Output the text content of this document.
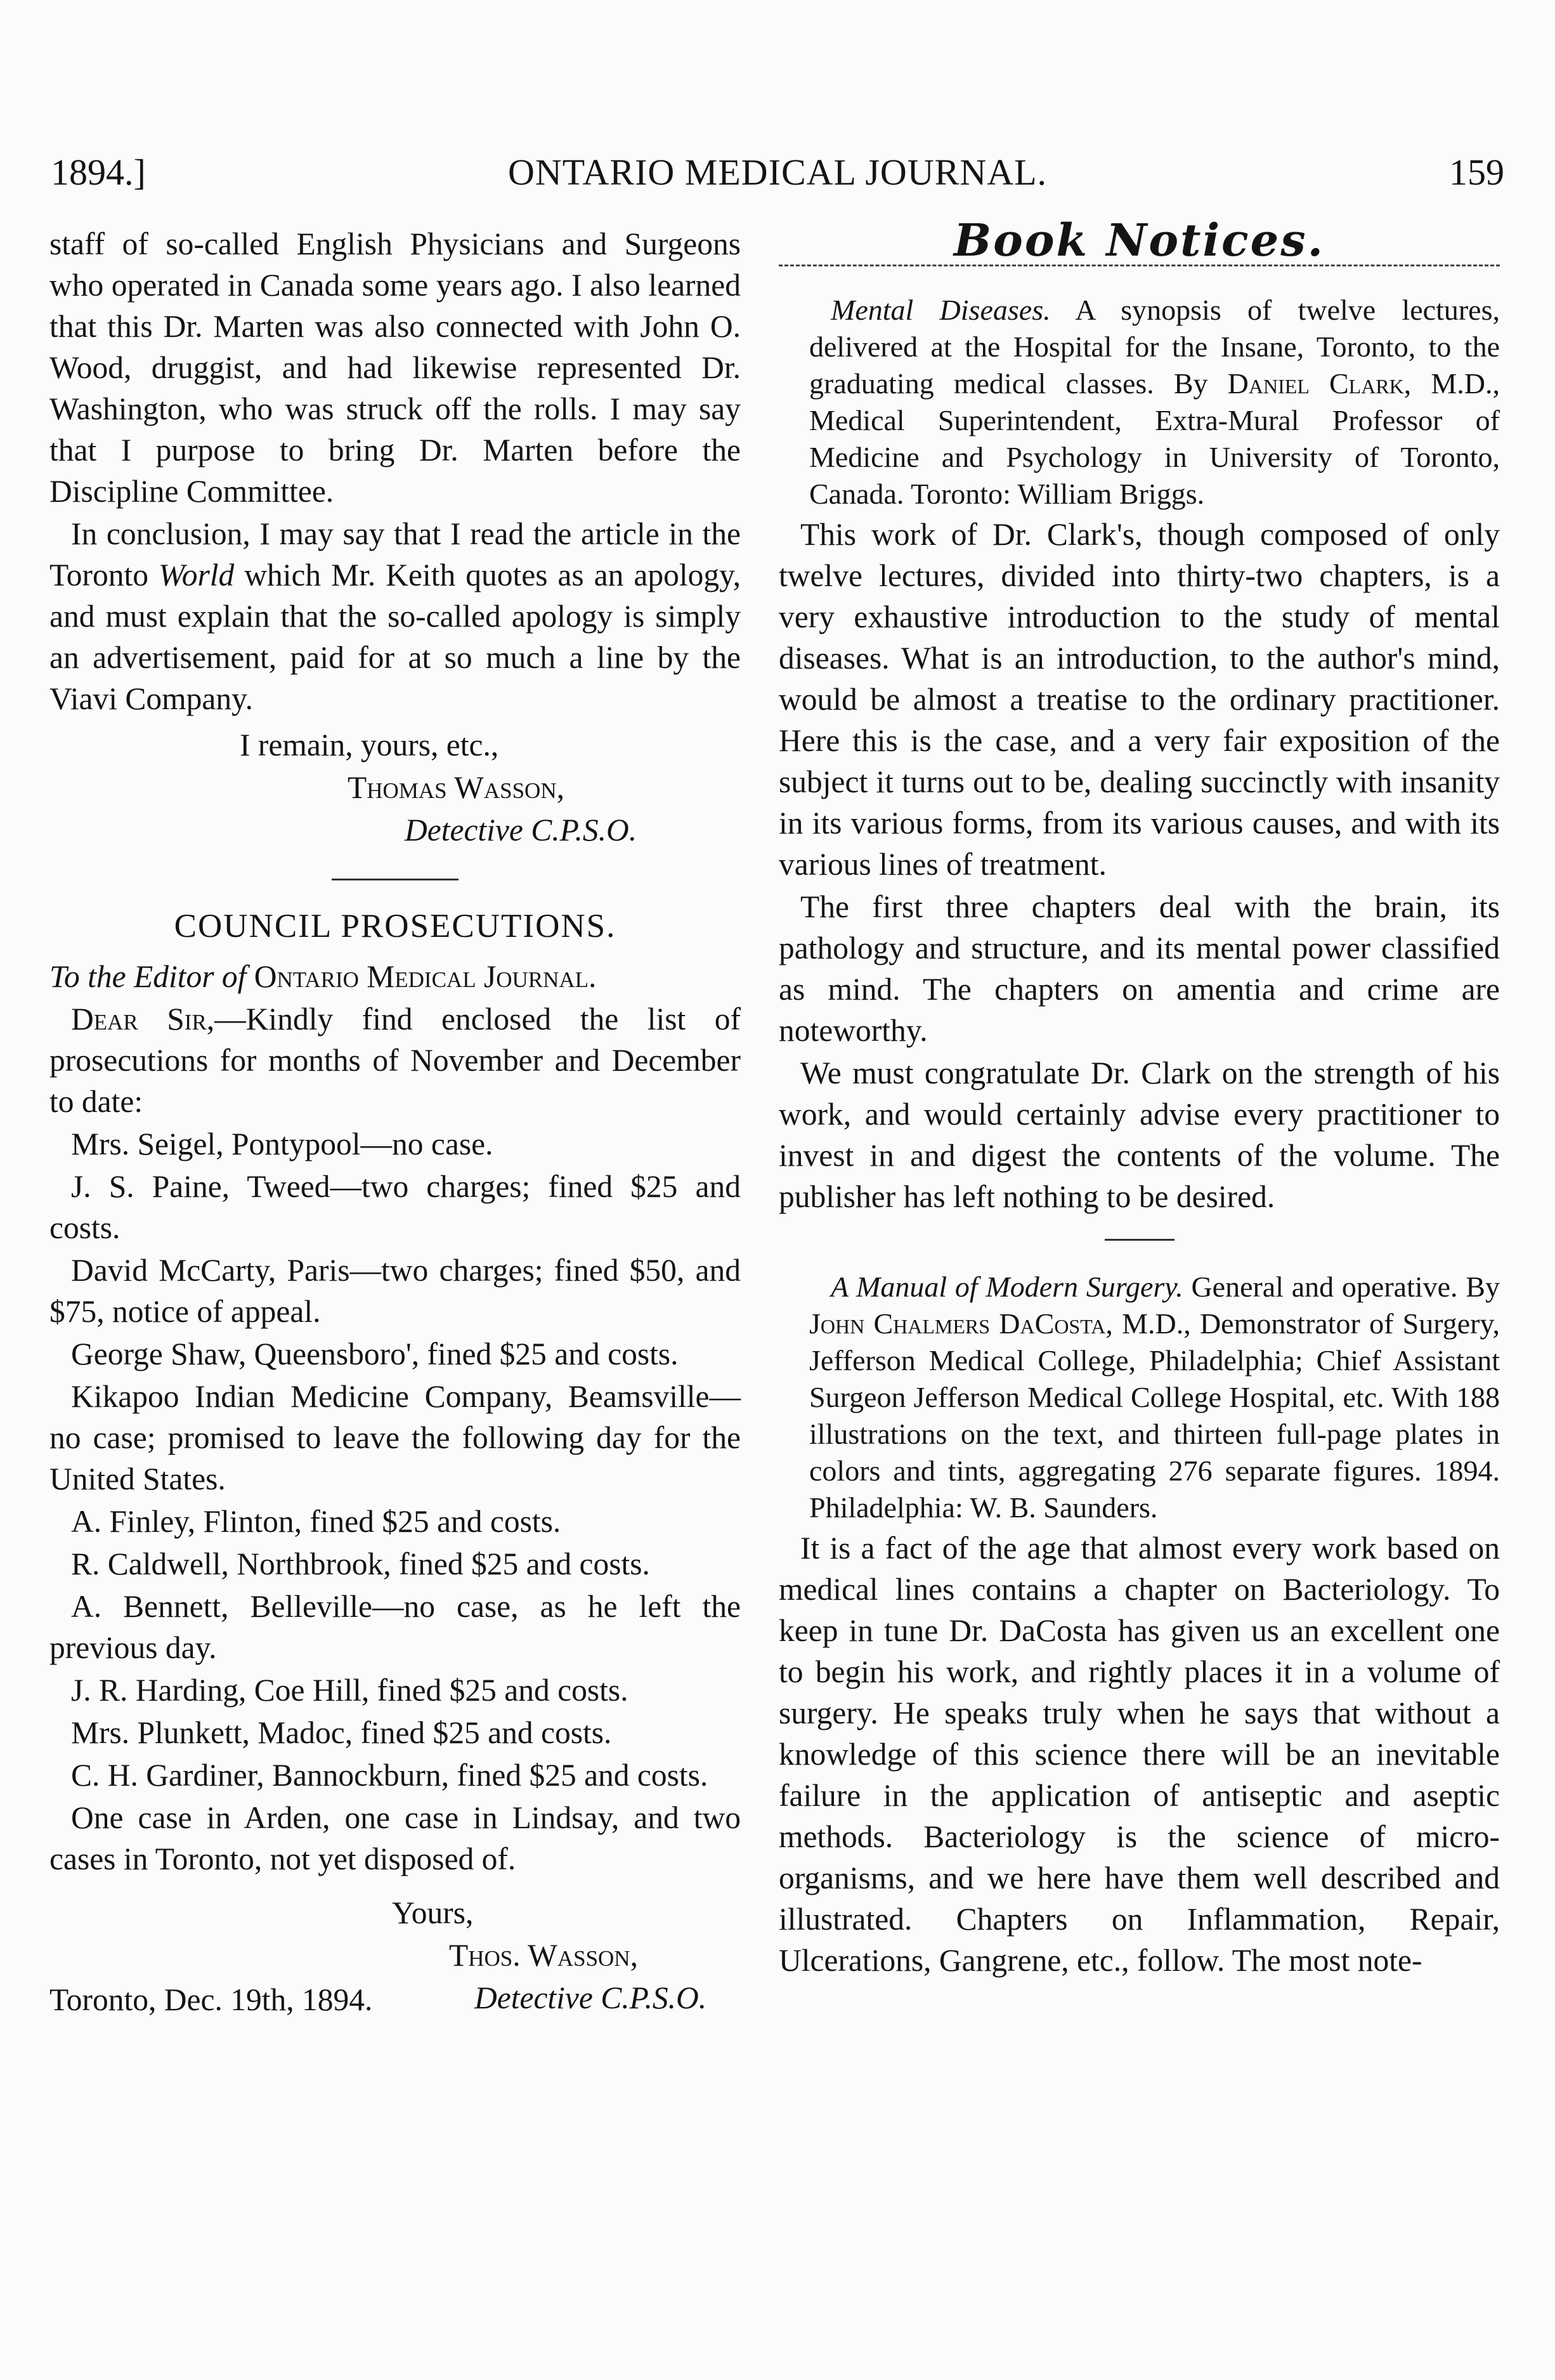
1894.]	ONTARIO MEDICAL JOURNAL.	159

staff of so-called English Physicians and Surgeons who operated in Canada some years ago. I also learned that this Dr. Marten was also connected with John O. Wood, druggist, and had likewise represented Dr. Washington, who was struck off the rolls. I may say that I purpose to bring Dr. Marten before the Discipline Committee.

In conclusion, I may say that I read the article in the Toronto World which Mr. Keith quotes as an apology, and must explain that the so-called apology is simply an advertisement, paid for at so much a line by the Viavi Company.

I remain, yours, etc.,

Thomas Wasson,

Detective C.P.S.O.

COUNCIL PROSECUTIONS.

To the Editor of Ontario Medical Journal.

Dear Sir,—Kindly find enclosed the list of prosecutions for months of November and December to date:

Mrs. Seigel, Pontypool—no case.

J. S. Paine, Tweed—two charges; fined $25 and costs.

David McCarty, Paris—two charges; fined $50, and $75, notice of appeal.

George Shaw, Queensboro', fined $25 and costs.

Kikapoo Indian Medicine Company, Beamsville—no case; promised to leave the following day for the United States.

A. Finley, Flinton, fined $25 and costs.

R. Caldwell, Northbrook, fined $25 and costs.

A. Bennett, Belleville—no case, as he left the previous day.

J. R. Harding, Coe Hill, fined $25 and costs.

Mrs. Plunkett, Madoc, fined $25 and costs.

C. H. Gardiner, Bannockburn, fined $25 and costs.

One case in Arden, one case in Lindsay, and two cases in Toronto, not yet disposed of.

Yours,

Thos. Wasson,

Detective C.P.S.O.

Toronto, Dec. 19th, 1894.

Book Notices.

Mental Diseases. A synopsis of twelve lectures, delivered at the Hospital for the Insane, Toronto, to the graduating medical classes. By Daniel Clark, M.D., Medical Superintendent, Extra-Mural Professor of Medicine and Psychology in University of Toronto, Canada. Toronto: William Briggs.

This work of Dr. Clark's, though composed of only twelve lectures, divided into thirty-two chapters, is a very exhaustive introduction to the study of mental diseases. What is an introduction, to the author's mind, would be almost a treatise to the ordinary practitioner. Here this is the case, and a very fair exposition of the subject it turns out to be, dealing succinctly with insanity in its various forms, from its various causes, and with its various lines of treatment.

The first three chapters deal with the brain, its pathology and structure, and its mental power classified as mind. The chapters on amentia and crime are noteworthy.

We must congratulate Dr. Clark on the strength of his work, and would certainly advise every practitioner to invest in and digest the contents of the volume. The publisher has left nothing to be desired.

A Manual of Modern Surgery. General and operative. By John Chalmers DaCosta, M.D., Demonstrator of Surgery, Jefferson Medical College, Philadelphia; Chief Assistant Surgeon Jefferson Medical College Hospital, etc. With 188 illustrations on the text, and thirteen full-page plates in colors and tints, aggregating 276 separate figures. 1894. Philadelphia: W. B. Saunders.

It is a fact of the age that almost every work based on medical lines contains a chapter on Bacteriology. To keep in tune Dr. DaCosta has given us an excellent one to begin his work, and rightly places it in a volume of surgery. He speaks truly when he says that without a knowledge of this science there will be an inevitable failure in the application of antiseptic and aseptic methods. Bacteriology is the science of micro-organisms, and we here have them well described and illustrated. Chapters on Inflammation, Repair, Ulcerations, Gangrene, etc., follow. The most note-
